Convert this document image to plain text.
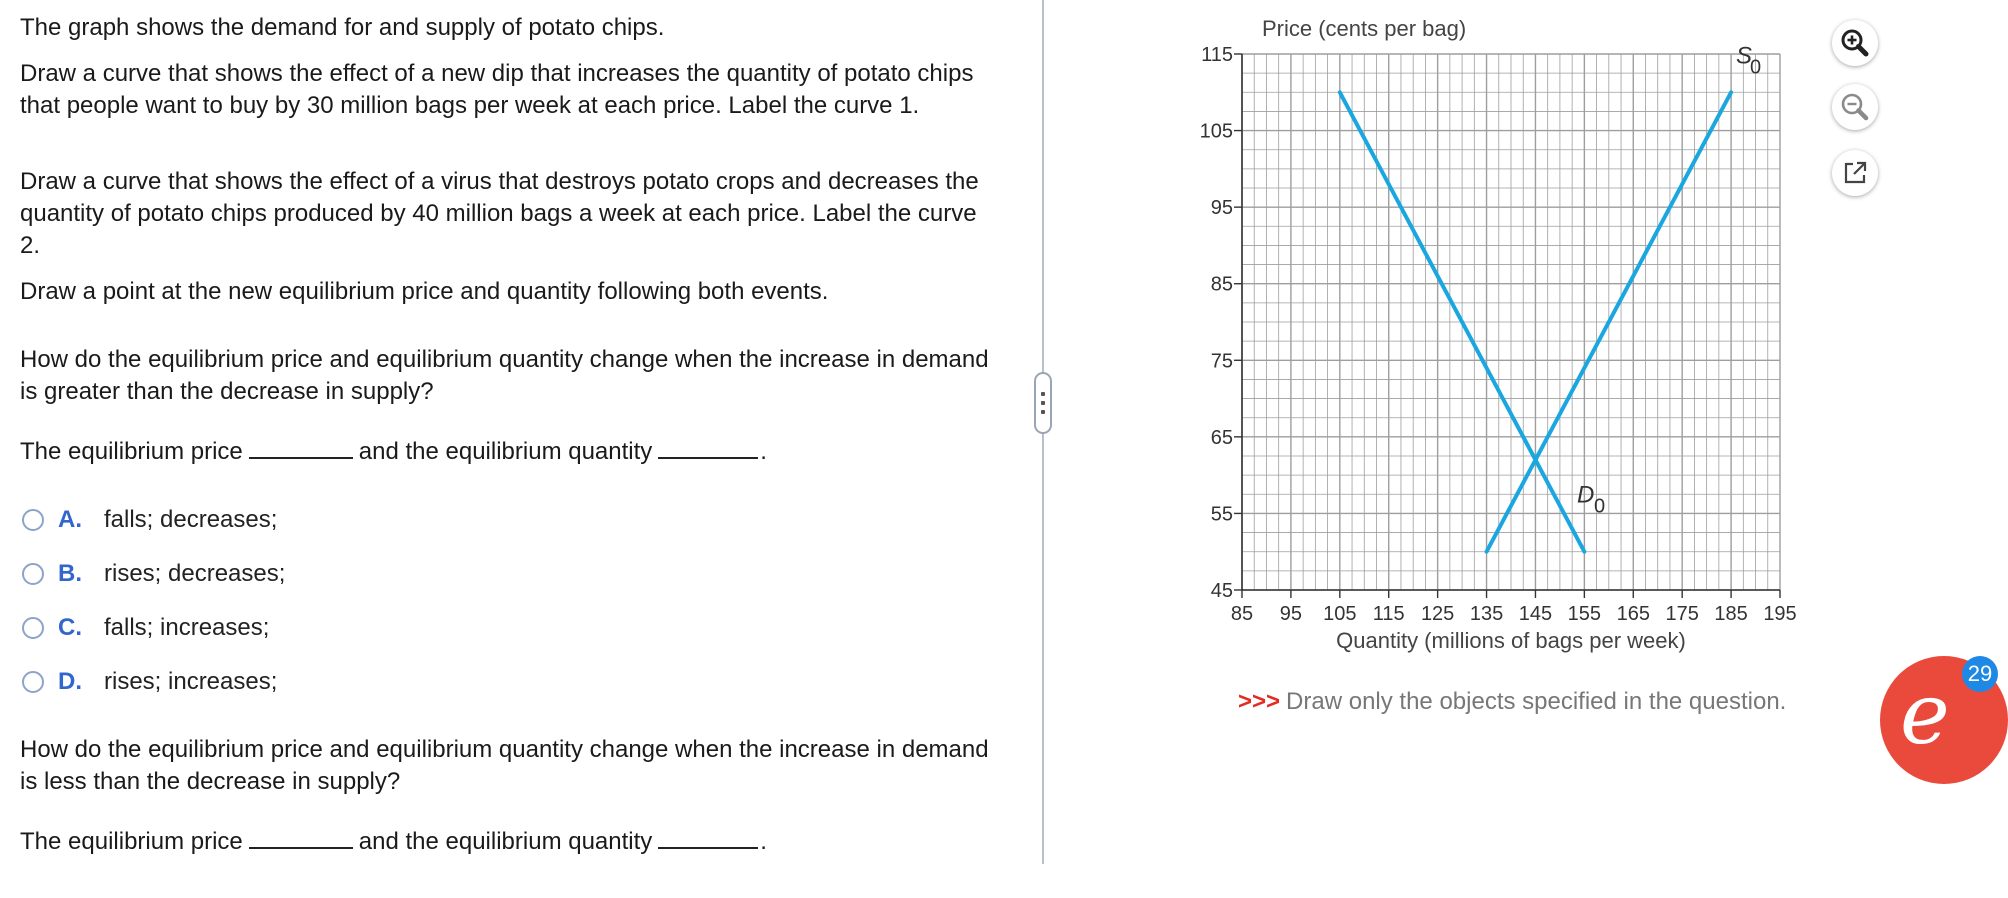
The graph shows the demand for and supply of potato chips.

Draw a curve that shows the effect of a new dip that increases the quantity of potato chips that people want to buy by 30 million bags per week at each price. Label the curve 1.

Draw a curve that shows the effect of a virus that destroys potato crops and decreases the quantity of potato chips produced by 40 million bags a week at each price. Label the curve 2.

Draw a point at the new equilibrium price and quantity following both events.

How do the equilibrium price and equilibrium quantity change when the increase in demand is greater than the decrease in supply?

The equilibrium price	and the equilibrium quantity	.

A. falls; decreases;
B. rises; decreases;
C. falls; increases;
D. rises; increases;

How do the equilibrium price and equilibrium quantity change when the increase in demand is less than the decrease in supply?

The equilibrium price	and the equilibrium quantity	.

115
105
95
85
75
65
55
45
85 95 105 115 125 135 145 155 165 175 185 195
Price (cents per bag)
Quantity (millions of bags per week)
S
0
D 0
>>> Draw only the objects specified in the question. e 29
